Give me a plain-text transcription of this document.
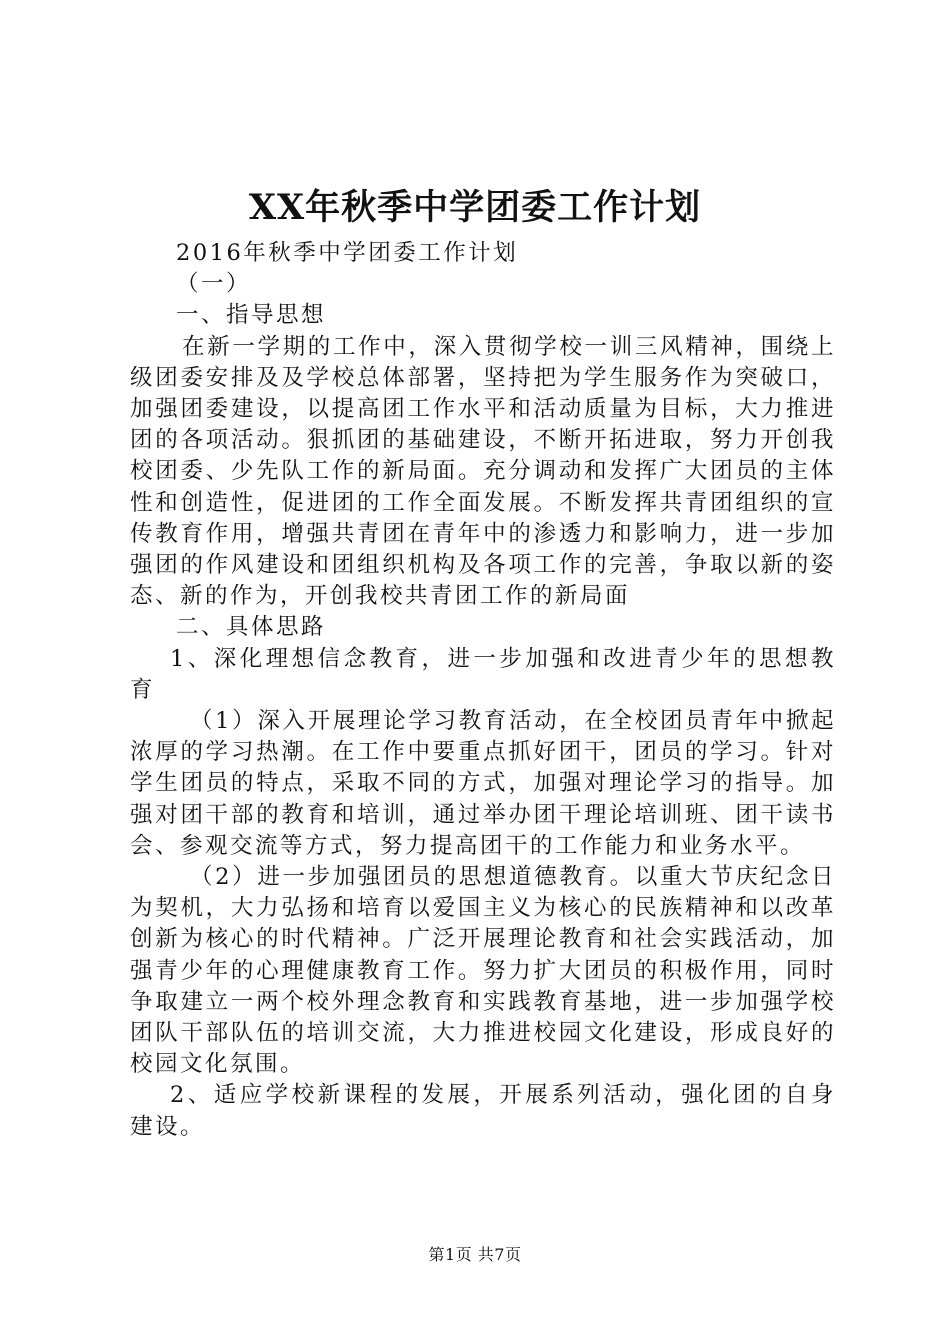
XX年秋季中学团委工作计划

2016年秋季中学团委工作计划

（一）

一、指导思想

在新一学期的工作中，深入贯彻学校一训三风精神，围绕上级团委安排及及学校总体部署，坚持把为学生服务作为突破口，加强团委建设，以提高团工作水平和活动质量为目标，大力推进团的各项活动。狠抓团的基础建设，不断开拓进取，努力开创我校团委、少先队工作的新局面。充分调动和发挥广大团员的主体性和创造性，促进团的工作全面发展。不断发挥共青团组织的宣传教育作用，增强共青团在青年中的渗透力和影响力，进一步加强团的作风建设和团组织机构及各项工作的完善，争取以新的姿态、新的作为，开创我校共青团工作的新局面

二、具体思路

1、深化理想信念教育，进一步加强和改进青少年的思想教育

（1）深入开展理论学习教育活动，在全校团员青年中掀起浓厚的学习热潮。在工作中要重点抓好团干，团员的学习。针对学生团员的特点，采取不同的方式，加强对理论学习的指导。加强对团干部的教育和培训，通过举办团干理论培训班、团干读书会、参观交流等方式，努力提高团干的工作能力和业务水平。

（2）进一步加强团员的思想道德教育。以重大节庆纪念日为契机，大力弘扬和培育以爱国主义为核心的民族精神和以改革创新为核心的时代精神。广泛开展理论教育和社会实践活动，加强青少年的心理健康教育工作。努力扩大团员的积极作用，同时争取建立一两个校外理念教育和实践教育基地，进一步加强学校团队干部队伍的培训交流，大力推进校园文化建设，形成良好的校园文化氛围。

2、适应学校新课程的发展，开展系列活动，强化团的自身建设。

第1页 共7页
